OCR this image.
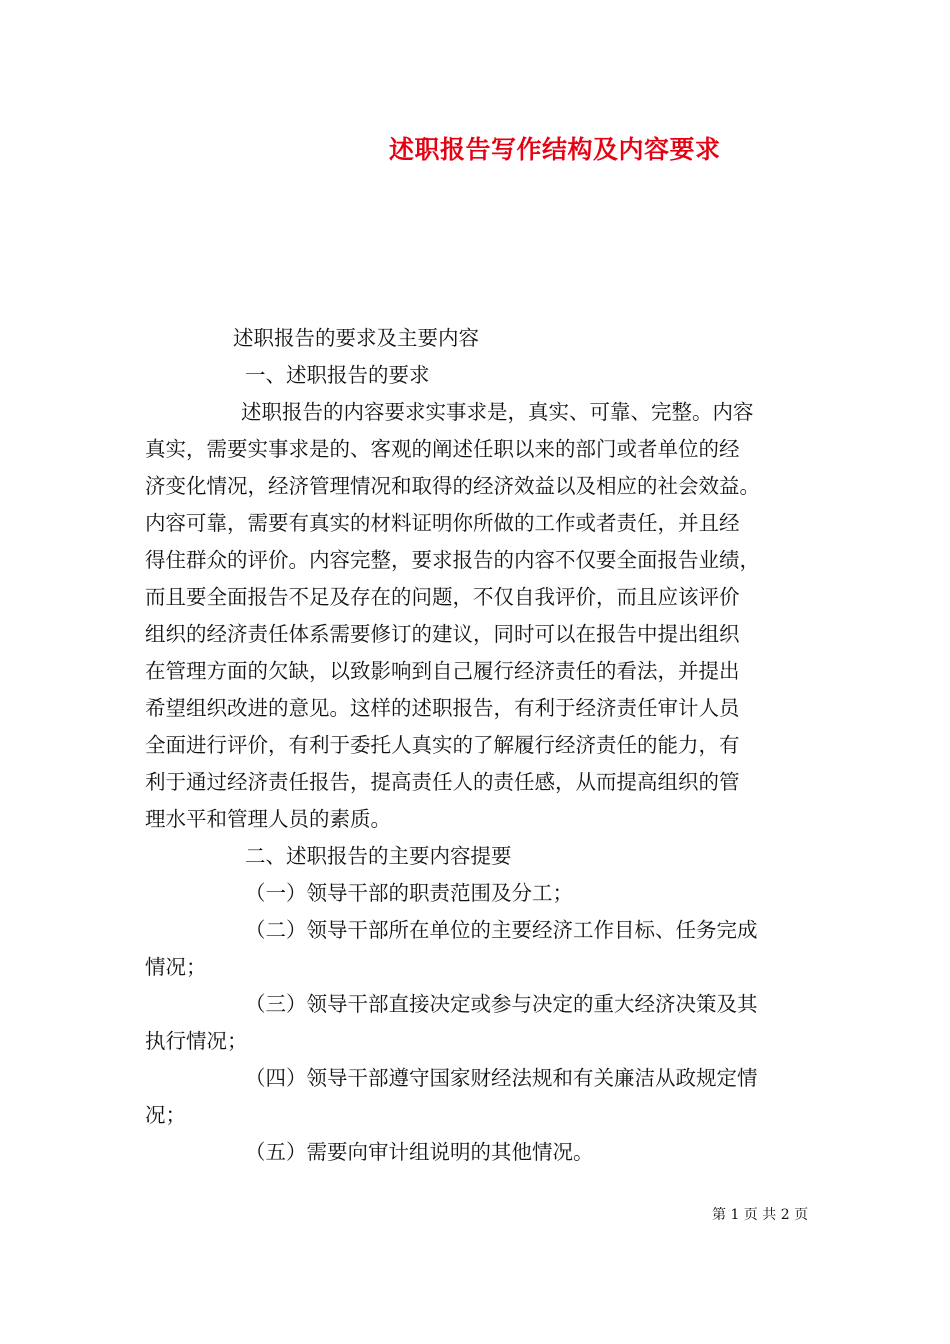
述职报告写作结构及内容要求
述职报告的要求及主要内容
一、述职报告的要求
述职报告的内容要求实事求是，真实、可靠、完整。内容
真实，需要实事求是的、客观的阐述任职以来的部门或者单位的经
济变化情况，经济管理情况和取得的经济效益以及相应的社会效益。
内容可靠，需要有真实的材料证明你所做的工作或者责任，并且经
得住群众的评价。内容完整，要求报告的内容不仅要全面报告业绩，
而且要全面报告不足及存在的问题，不仅自我评价，而且应该评价
组织的经济责任体系需要修订的建议，同时可以在报告中提出组织
在管理方面的欠缺，以致影响到自己履行经济责任的看法，并提出
希望组织改进的意见。这样的述职报告，有利于经济责任审计人员
全面进行评价，有利于委托人真实的了解履行经济责任的能力，有
利于通过经济责任报告，提高责任人的责任感，从而提高组织的管
理水平和管理人员的素质。
二、述职报告的主要内容提要
（一）领导干部的职责范围及分工；
（二）领导干部所在单位的主要经济工作目标、任务完成
情况；
（三）领导干部直接决定或参与决定的重大经济决策及其
执行情况；
（四）领导干部遵守国家财经法规和有关廉洁从政规定情
况；
（五）需要向审计组说明的其他情况。
第 1 页 共 2 页
